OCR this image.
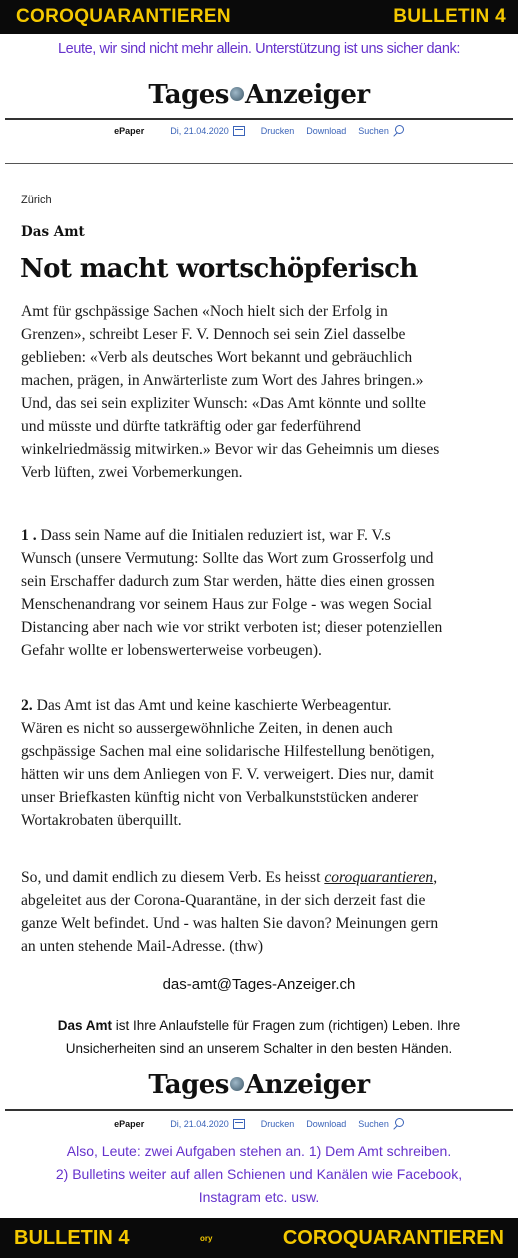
COROQUARANTIEREN	BULLETIN 4
Leute, wir sind nicht mehr allein. Unterstützung ist uns sicher dank:
Tages Anzeiger
ePaper	Di, 21.04.2020	Drucken Download Suchen
Zürich
Das Amt
Not macht wortschöpferisch
Amt für gschpässige Sachen «Noch hielt sich der Erfolg in
Grenzen», schreibt Leser F. V. Dennoch sei sein Ziel dasselbe
geblieben: «Verb als deutsches Wort bekannt und gebräuchlich
machen, prägen, in Anwärterliste zum Wort des Jahres bringen.»
Und, das sei sein expliziter Wunsch: «Das Amt könnte und sollte
und müsste und dürfte tatkräftig oder gar federführend
winkelriedmässig mitwirken.» Bevor wir das Geheimnis um dieses
Verb lüften, zwei Vorbemerkungen.
1 . Dass sein Name auf die Initialen reduziert ist, war F. V.s
Wunsch (unsere Vermutung: Sollte das Wort zum Grosserfolg und
sein Erschaffer dadurch zum Star werden, hätte dies einen grossen
Menschenandrang vor seinem Haus zur Folge - was wegen Social
Distancing aber nach wie vor strikt verboten ist; dieser potenziellen
Gefahr wollte er lobenswerterweise vorbeugen).
2. Das Amt ist das Amt und keine kaschierte Werbeagentur.
Wären es nicht so aussergewöhnliche Zeiten, in denen auch
gschpässige Sachen mal eine solidarische Hilfestellung benötigen,
hätten wir uns dem Anliegen von F. V. verweigert. Dies nur, damit
unser Briefkasten künftig nicht von Verbalkunststücken anderer
Wortakrobaten überquillt.
So, und damit endlich zu diesem Verb. Es heisst coroquarantieren,
abgeleitet aus der Corona-Quarantäne, in der sich derzeit fast die
ganze Welt befindet. Und - was halten Sie davon? Meinungen gern
an unten stehende Mail-Adresse. (thw)
das-amt@Tages-Anzeiger.ch
Das Amt ist Ihre Anlaufstelle für Fragen zum (richtigen) Leben. Ihre
Unsicherheiten sind an unserem Schalter in den besten Händen.
Tages Anzeiger
ePaper	Di, 21.04.2020	Drucken Download Suchen
Also, Leute: zwei Aufgaben stehen an. 1) Dem Amt schreiben.
2) Bulletins weiter auf allen Schienen und Kanälen wie Facebook,
Instagram etc. usw.
BULLETIN 4	ory	COROQUARANTIEREN
